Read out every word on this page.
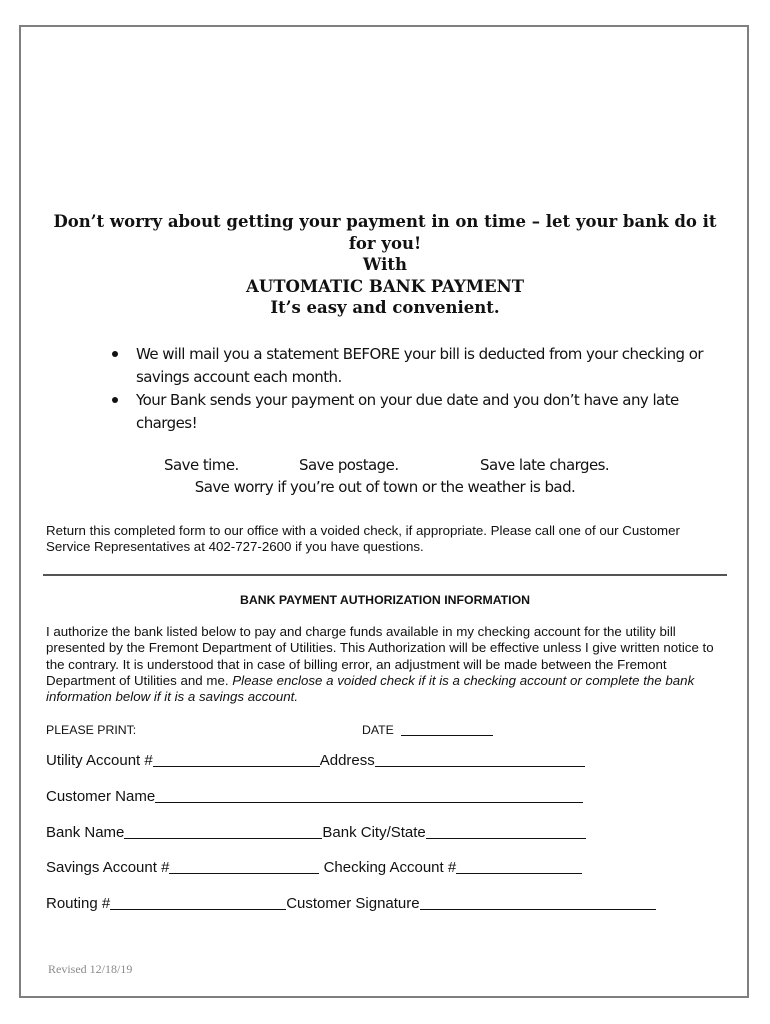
Don’t worry about getting your payment in on time – let your bank do it
for you!
With
AUTOMATIC BANK PAYMENT
It’s easy and convenient.
We will mail you a statement BEFORE your bill is deducted from your checking or savings account each month.
Your Bank sends your payment on your due date and you don’t have any late charges!
Save time.	Save postage.	Save late charges.
Save worry if you’re out of town or the weather is bad.
Return this completed form to our office with a voided check, if appropriate. Please call one of our Customer Service Representatives at 402-727-2600 if you have questions.
BANK PAYMENT AUTHORIZATION INFORMATION
I authorize the bank listed below to pay and charge funds available in my checking account for the utility bill presented by the Fremont Department of Utilities. This Authorization will be effective unless I give written notice to the contrary. It is understood that in case of billing error, an adjustment will be made between the Fremont Department of Utilities and me. Please enclose a voided check if it is a checking account or complete the bank information below if it is a savings account.
PLEASE PRINT:	DATE
Utility Account #	Address
Customer Name
Bank Name	Bank City/State
Savings Account #	Checking Account #
Routing #	Customer Signature
Revised 12/18/19
